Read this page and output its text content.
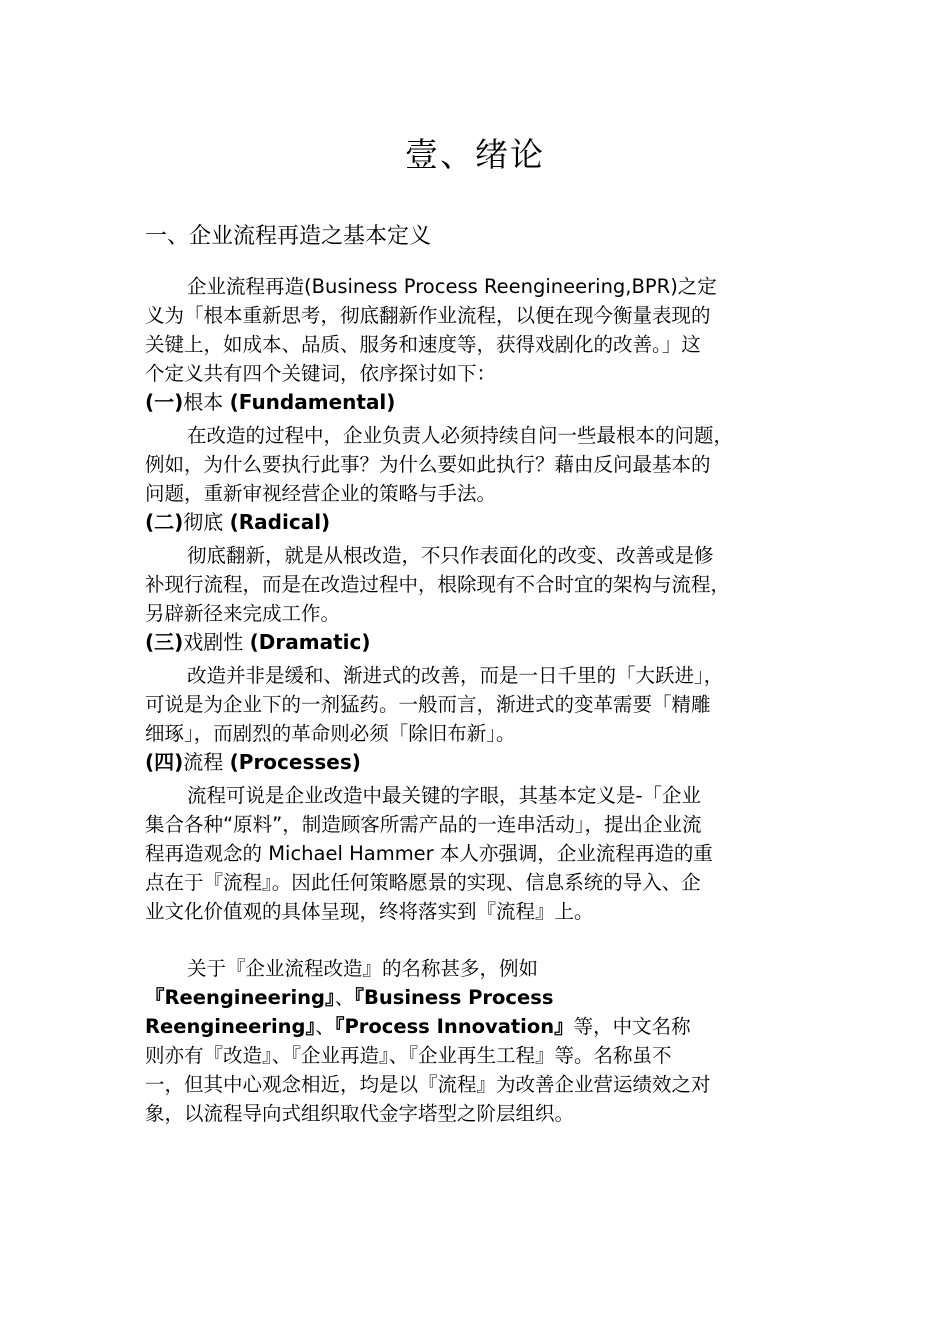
壹、绪论
一、企业流程再造之基本定义
企业流程再造(Business Process Reengineering,BPR)之定
义为「根本重新思考，彻底翻新作业流程，以便在现今衡量表现的
关键上，如成本、品质、服务和速度等，获得戏剧化的改善。」这
个定义共有四个关键词，依序探讨如下：
(一)根本 (Fundamental)
在改造的过程中，企业负责人必须持续自问一些最根本的问题，
例如，为什么要执行此事？为什么要如此执行？藉由反问最基本的
问题，重新审视经营企业的策略与手法。
(二)彻底 (Radical)
彻底翻新，就是从根改造，不只作表面化的改变、改善或是修
补现行流程，而是在改造过程中，根除现有不合时宜的架构与流程，
另辟新径来完成工作。
(三)戏剧性 (Dramatic)
改造并非是缓和、渐进式的改善，而是一日千里的「大跃进」，
可说是为企业下的一剂猛药。一般而言，渐进式的变革需要「精雕
细琢」，而剧烈的革命则必须「除旧布新」。
(四)流程 (Processes)
流程可说是企业改造中最关键的字眼，其基本定义是-「企业
集合各种“原料”，制造顾客所需产品的一连串活动」，提出企业流
程再造观念的 Michael Hammer 本人亦强调，企业流程再造的重
点在于『流程』。因此任何策略愿景的实现、信息系统的导入、企
业文化价值观的具体呈现，终将落实到『流程』上。
关于『企业流程改造』的名称甚多，例如
『Reengineering』、『Business Process
Reengineering』、『Process Innovation』等，中文名称
则亦有『改造』、『企业再造』、『企业再生工程』等。名称虽不
一，但其中心观念相近，均是以『流程』为改善企业营运绩效之对
象，以流程导向式组织取代金字塔型之阶层组织。
